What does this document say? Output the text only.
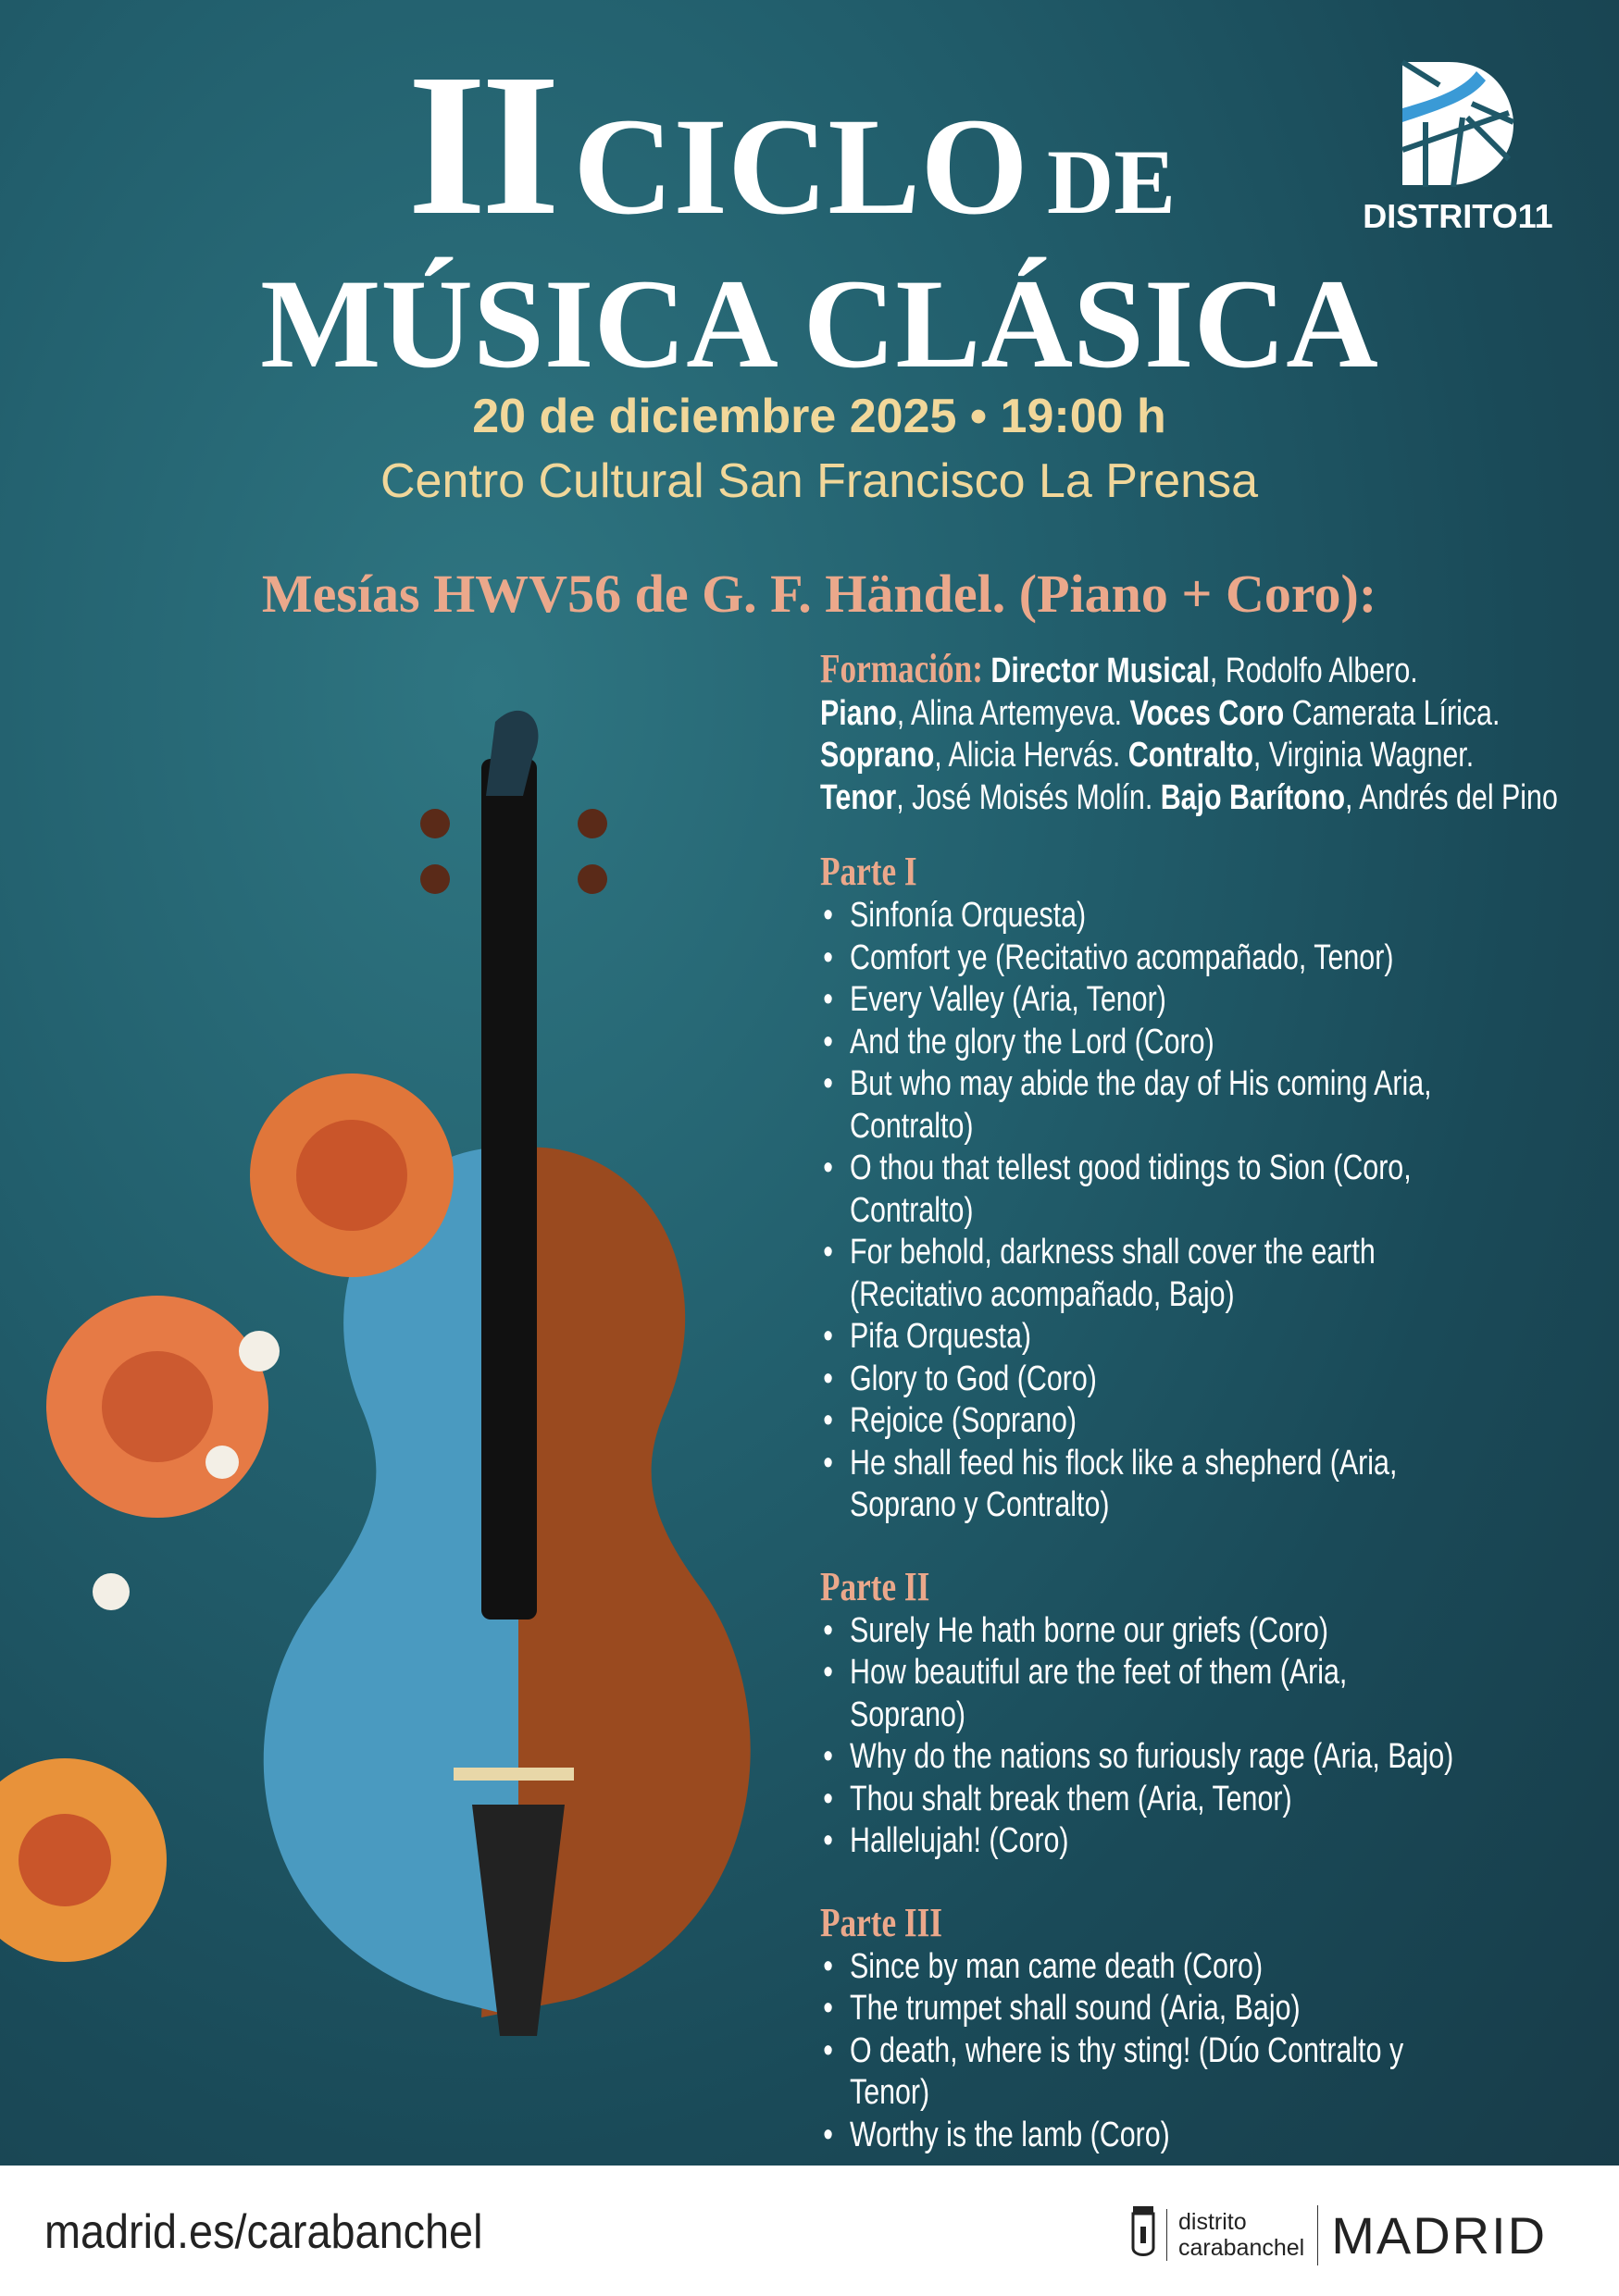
II CICLO DE
MÚSICA CLÁSICA
20 de diciembre 2025 • 19:00 h
Centro Cultural San Francisco La Prensa
DISTRITO11
Mesías HWV56 de G. F. Händel. (Piano + Coro):
Formación: Director Musical, Rodolfo Albero.
Piano, Alina Artemyeva. Voces Coro Camerata Lírica.
Soprano, Alicia Hervás. Contralto, Virginia Wagner.
Tenor, José Moisés Molín. Bajo Barítono, Andrés del Pino
Parte I
• Sinfonía Orquesta)
• Comfort ye (Recitativo acompañado, Tenor)
• Every Valley (Aria, Tenor)
• And the glory the Lord (Coro)
• But who may abide the day of His coming Aria, Contralto)
• O thou that tellest good tidings to Sion (Coro, Contralto)
• For behold, darkness shall cover the earth (Recitativo acompañado, Bajo)
• Pifa Orquesta)
• Glory to God (Coro)
• Rejoice (Soprano)
• He shall feed his flock like a shepherd (Aria, Soprano y Contralto)
Parte II
• Surely He hath borne our griefs (Coro)
• How beautiful are the feet of them (Aria, Soprano)
• Why do the nations so furiously rage (Aria, Bajo)
• Thou shalt break them (Aria, Tenor)
• Hallelujah! (Coro)
Parte III
• Since by man came death (Coro)
• The trumpet shall sound (Aria, Bajo)
• O death, where is thy sting! (Dúo Contralto y Tenor)
• Worthy is the lamb (Coro)
madrid.es/carabanchel	distrito
carabanchel MADRID
